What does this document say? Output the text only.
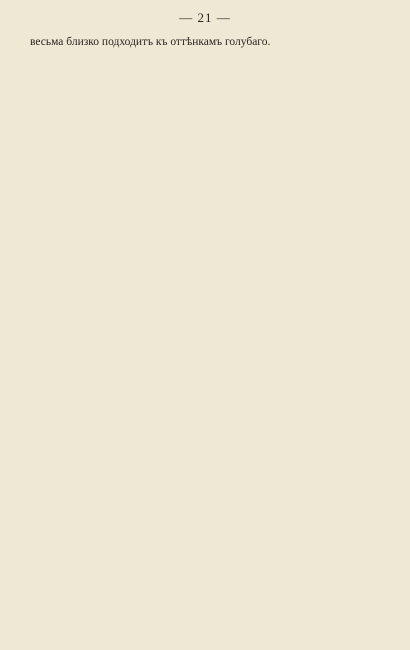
— 21 —

весьма близко подходитъ къ оттѣнкамъ голубаго.
